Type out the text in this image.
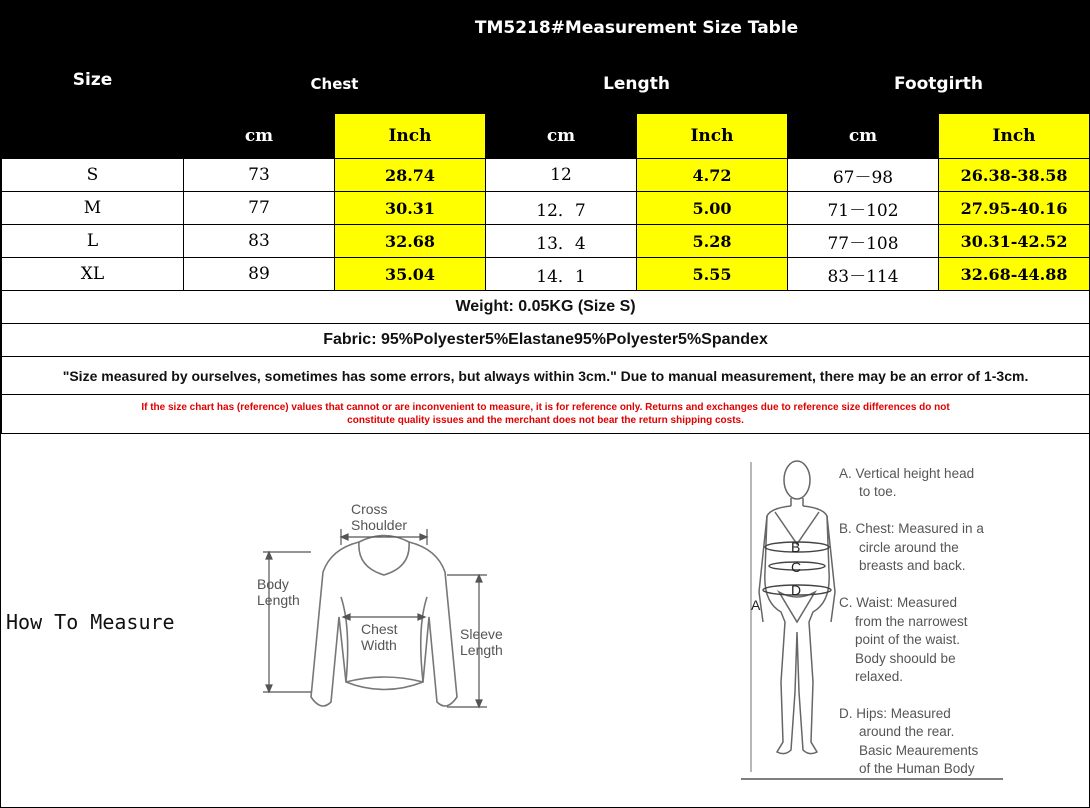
Size	TM5218#Measurement Size Table					
	Chest		Length		Footgirth	
	cm	Inch	cm	Inch	cm	Inch
S	73	28.74	12	4.72	67－98	26.38-38.58
M	77	30.31	12．7	5.00	71－102	27.95-40.16
L	83	32.68	13．4	5.28	77－108	30.31-42.52
XL	89	35.04	14．1	5.55	83－114	32.68-44.88
Weight: 0.05KG (Size S)						
Fabric: 95%Polyester5%Elastane95%Polyester5%Spandex						
"Size measured by ourselves, sometimes has some errors, but always within 3cm." Due to manual measurement, there may be an error of 1-3cm.						

If the size chart has (reference) values that cannot or are inconvenient to measure, it is for reference only. Returns and exchanges due to reference size differences do not
constitute quality issues and the merchant does not bear the return shipping costs.						
How To Measure
Cross
Shoulder
Body
Length
Chest
Width
Sleeve
Length
B
C
D
A
A. Vertical height head
to toe.
B. Chest: Measured in a
circle around the
breasts and back.
C. Waist: Measured
from the narrowest
point of the waist.
Body shoould be
relaxed.
D. Hips: Measured
around the rear.
Basic Meaurements
of the Human Body
